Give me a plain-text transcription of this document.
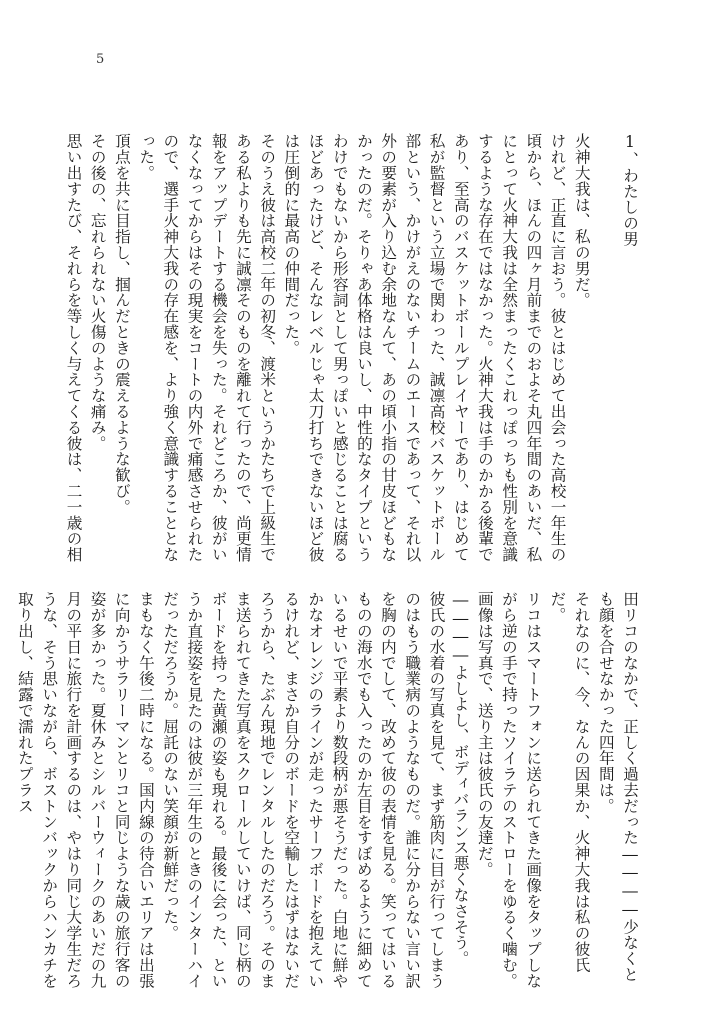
5

1、わたしの男

火神大我は、私の男だ。

けれど、正直に言おう。彼とはじめて出会った高校一年生の頃から、ほんの四ヶ月前までのおよそ丸四年間のあいだ、私にとって火神大我は全然まったくこれっぽっちも性別を意識するような存在ではなかった。火神大我は手のかかる後輩であり、至高のバスケットボールプレイヤーであり、はじめて私が監督という立場で関わった、誠凛高校バスケットボール部という、かけがえのないチームのエースであって、それ以外の要素が入り込む余地なんて、あの頃小指の甘皮ほどもなかったのだ。そりゃあ体格は良いし、中性的なタイプというわけでもないから形容詞として男っぽいと感じることは腐るほどあったけど、そんなレベルじゃ太刀打ちできないほど彼は圧倒的に最高の仲間だった。

そのうえ彼は高校二年の初冬、渡米というかたちで上級生である私よりも先に誠凛そのものを離れて行ったので、尚更情報をアップデートする機会を失った。それどころか、彼がいなくなってからはその現実をコートの内外で痛感させられたので、選手火神大我の存在感を、より強く意識することとなった。

頂点を共に目指し、掴んだときの震えるような歓び。

その後の、忘れられない火傷のような痛み。

思い出すたび、それらを等しく与えてくる彼は、二一歳の相

田リコのなかで、正しく過去だった――――少なくとも顔を合せなかった四年間は。

それなのに、今、なんの因果か、火神大我は私の彼氏だ。

リコはスマートフォンに送られてきた画像をタップしながら逆の手で持ったソイラテのストローをゆるく噛む。画像は写真で、送り主は彼氏の友達だ。

――――よしよし、ボディバランス悪くなさそう。

彼氏の水着の写真を見て、まず筋肉に目が行ってしまうのはもう職業病のようなものだ。誰に分からない言い訳を胸の内でして、改めて彼の表情を見る。笑ってはいるものの海水でも入ったのか左目をすぼめるように細めているせいで平素より数段柄が悪そうだった。白地に鮮やかなオレンジのラインが走ったサーフボードを抱えているけれど、まさか自分のボードを空輸したはずはないだろうから、たぶん現地でレンタルしたのだろう。そのまま送られてきた写真をスクロールしていけば、同じ柄のボードを持った黄瀬の姿も現れる。最後に会った、というか直接姿を見たのは彼が三年生のときのインターハイだっただろうか。屈託のない笑顔が新鮮だった。

まもなく午後二時になる。国内線の待合いエリアは出張に向かうサラリーマンとリコと同じような歳の旅行客の姿が多かった。夏休みとシルバーウィークのあいだの九月の平日に旅行を計画するのは、やはり同じ大学生だろうな、そう思いながら、ボストンバックからハンカチを取り出し、結露で濡れたプラス
